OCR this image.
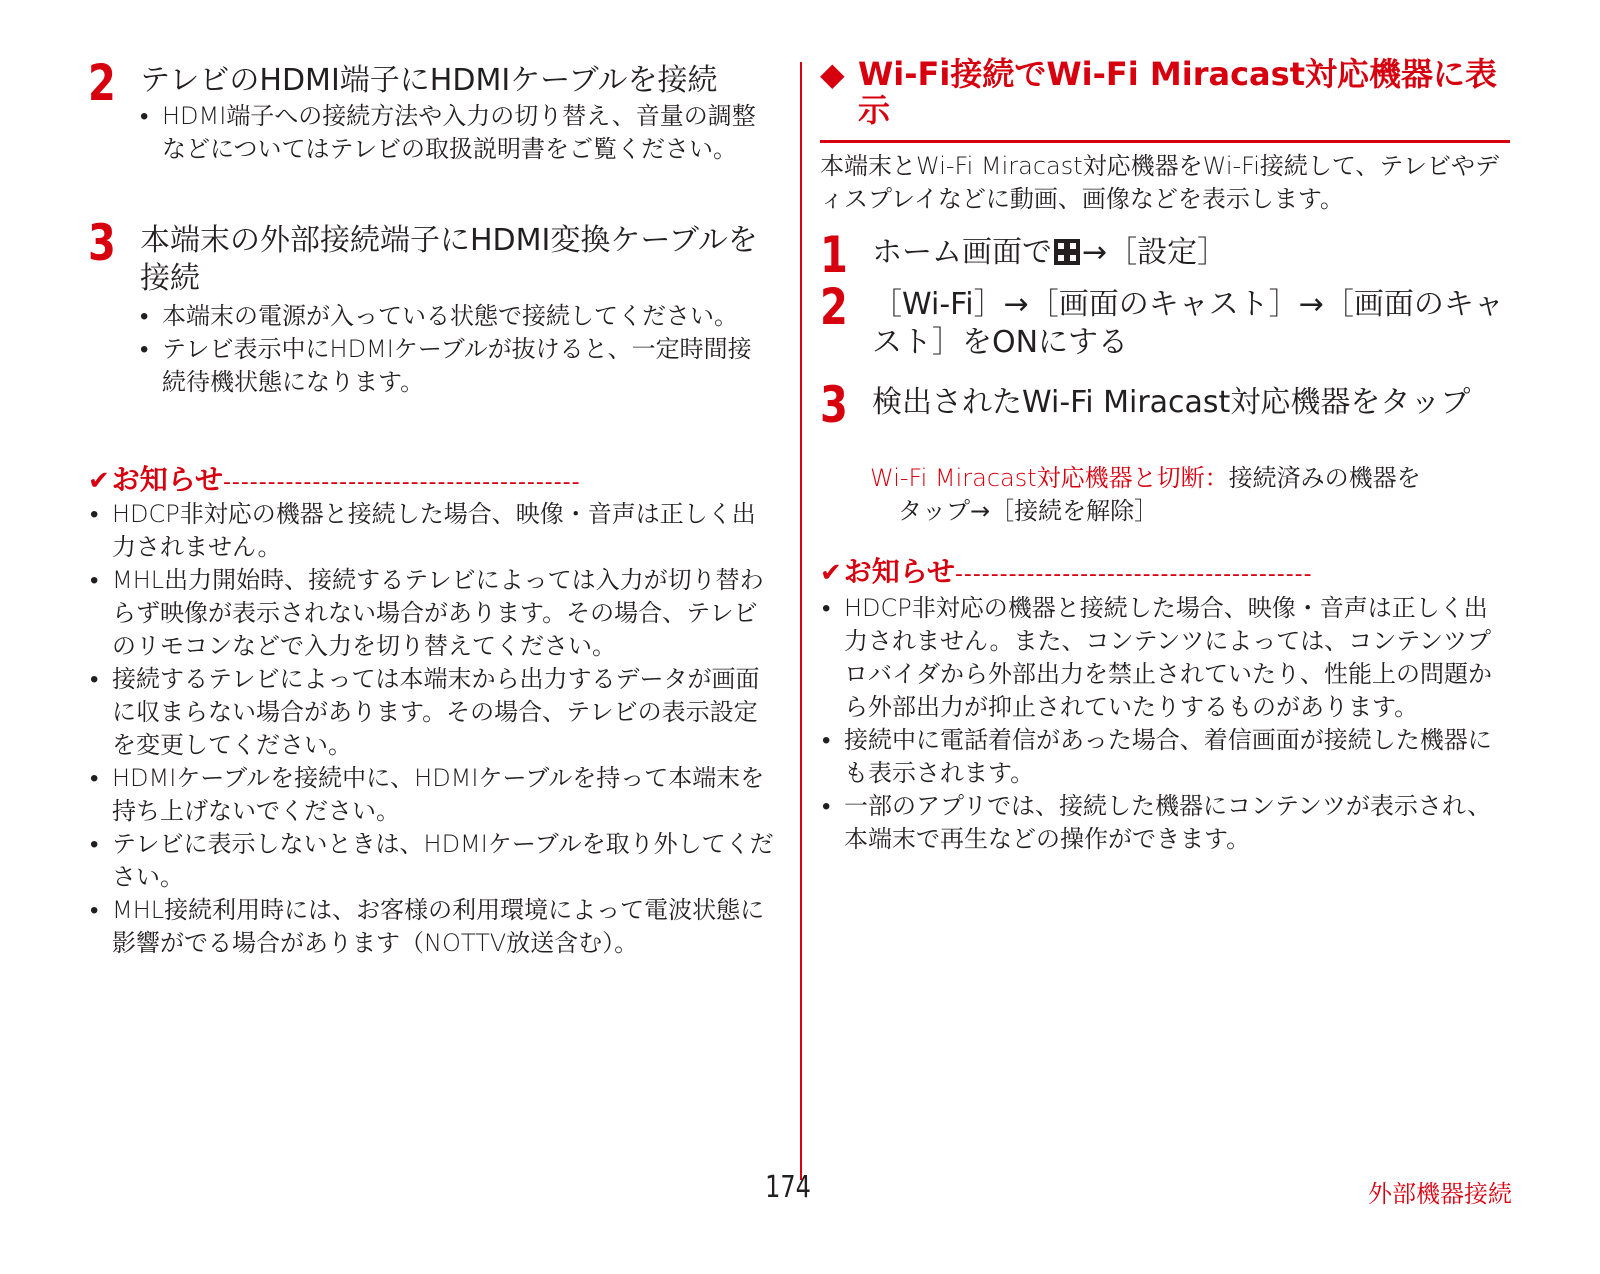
2 テレビのHDMI端子にHDMIケーブルを接続
• HDMI端子への接続方法や入力の切り替え、音量の調整などについてはテレビの取扱説明書をご覧ください。
3 本端末の外部接続端子にHDMI変換ケーブルを接続
• 本端末の電源が入っている状態で接続してください。
• テレビ表示中にHDMIケーブルが抜けると、一定時間接続待機状態になります。
✔お知らせ----------------------------------------
• HDCP非対応の機器と接続した場合、映像・音声は正しく出力されません。
• MHL出力開始時、接続するテレビによっては入力が切り替わらず映像が表示されない場合があります。その場合、テレビのリモコンなどで入力を切り替えてください。
• 接続するテレビによっては本端末から出力するデータが画面に収まらない場合があります。その場合、テレビの表示設定を変更してください。
• HDMIケーブルを接続中に、HDMIケーブルを持って本端末を持ち上げないでください。
• テレビに表示しないときは、HDMIケーブルを取り外してください。
• MHL接続利用時には、お客様の利用環境によって電波状態に影響がでる場合があります（NOTTV放送含む）。
◆ Wi-Fi接続でWi-Fi Miracast対応機器に表示
本端末とWi-Fi Miracast対応機器をWi-Fi接続して、テレビやディスプレイなどに動画、画像などを表示します。
1 ホーム画面で →［設定］
2 ［Wi-Fi］→［画面のキャスト］→［画面のキャスト］をONにする
3 検出されたWi-Fi Miracast対応機器をタップ
Wi-Fi Miracast対応機器と切断：接続済みの機器を
タップ→［接続を解除］
✔お知らせ----------------------------------------
• HDCP非対応の機器と接続した場合、映像・音声は正しく出力されません。また、コンテンツによっては、コンテンツプロバイダから外部出力を禁止されていたり、性能上の問題から外部出力が抑止されていたりするものがあります。
• 接続中に電話着信があった場合、着信画面が接続した機器にも表示されます。
• 一部のアプリでは、接続した機器にコンテンツが表示され、本端末で再生などの操作ができます。
174	外部機器接続
